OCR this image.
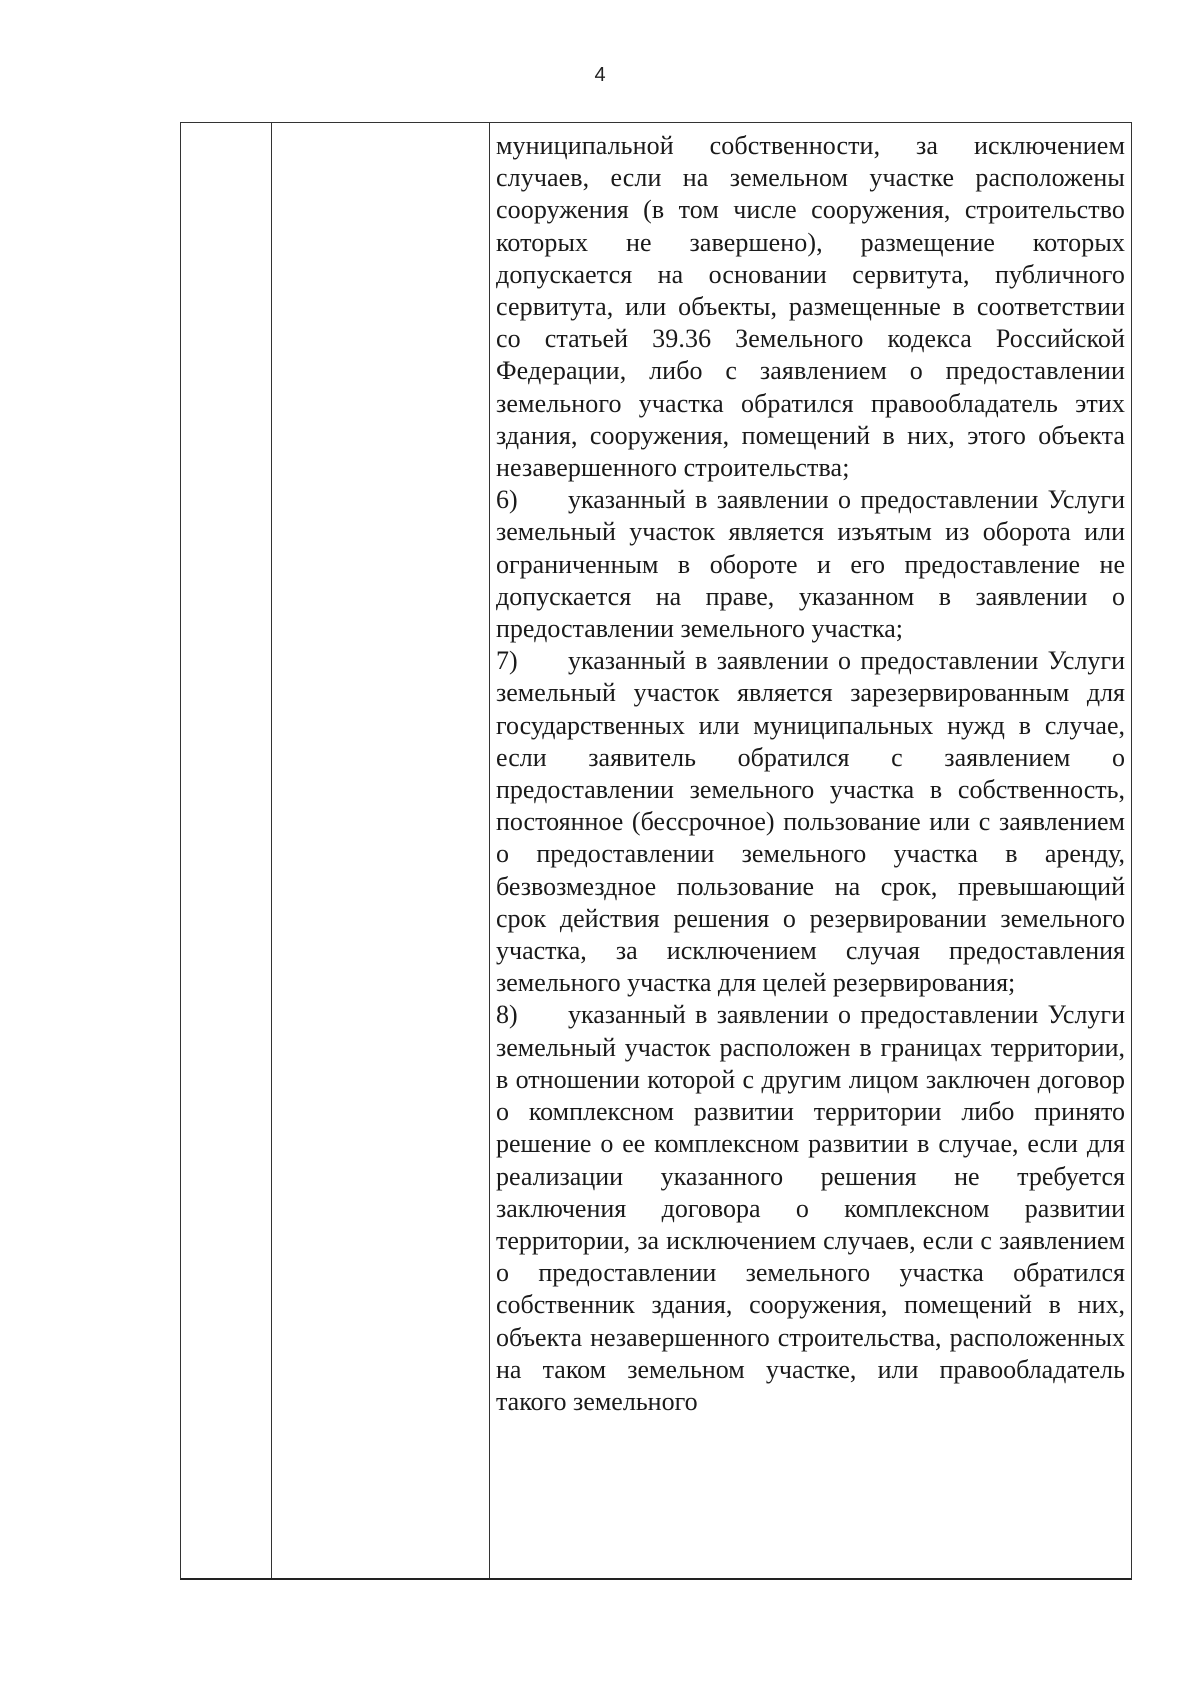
4
муниципальной собственности, за исключением случаев, если на земельном участке расположены сооружения (в том числе сооружения, строительство которых не завершено), размещение которых допускается на основании сервитута, публичного сервитута, или объекты, размещенные в соответствии со статьей 39.36 Земельного кодекса Российской Федерации, либо с заявлением о предоставлении земельного участка обратился правообладатель этих здания, сооружения, помещений в них, этого объекта незавершенного строительства;
6) указанный в заявлении о предоставлении Услуги земельный участок является изъятым из оборота или ограниченным в обороте и его предоставление не допускается на праве, указанном в заявлении о предоставлении земельного участка;
7) указанный в заявлении о предоставлении Услуги земельный участок является зарезервированным для государственных или муниципальных нужд в случае, если заявитель обратился с заявлением о предоставлении земельного участка в собственность, постоянное (бессрочное) пользование или с заявлением о предоставлении земельного участка в аренду, безвозмездное пользование на срок, превышающий срок действия решения о резервировании земельного участка, за исключением случая предоставления земельного участка для целей резервирования;
8) указанный в заявлении о предоставлении Услуги земельный участок расположен в границах территории, в отношении которой с другим лицом заключен договор о комплексном развитии территории либо принято решение о ее комплексном развитии в случае, если для реализации указанного решения не требуется заключения договора о комплексном развитии территории, за исключением случаев, если с заявлением о предоставлении земельного участка обратился собственник здания, сооружения, помещений в них, объекта незавершенного строительства, расположенных на таком земельном участке, или правообладатель такого земельного
